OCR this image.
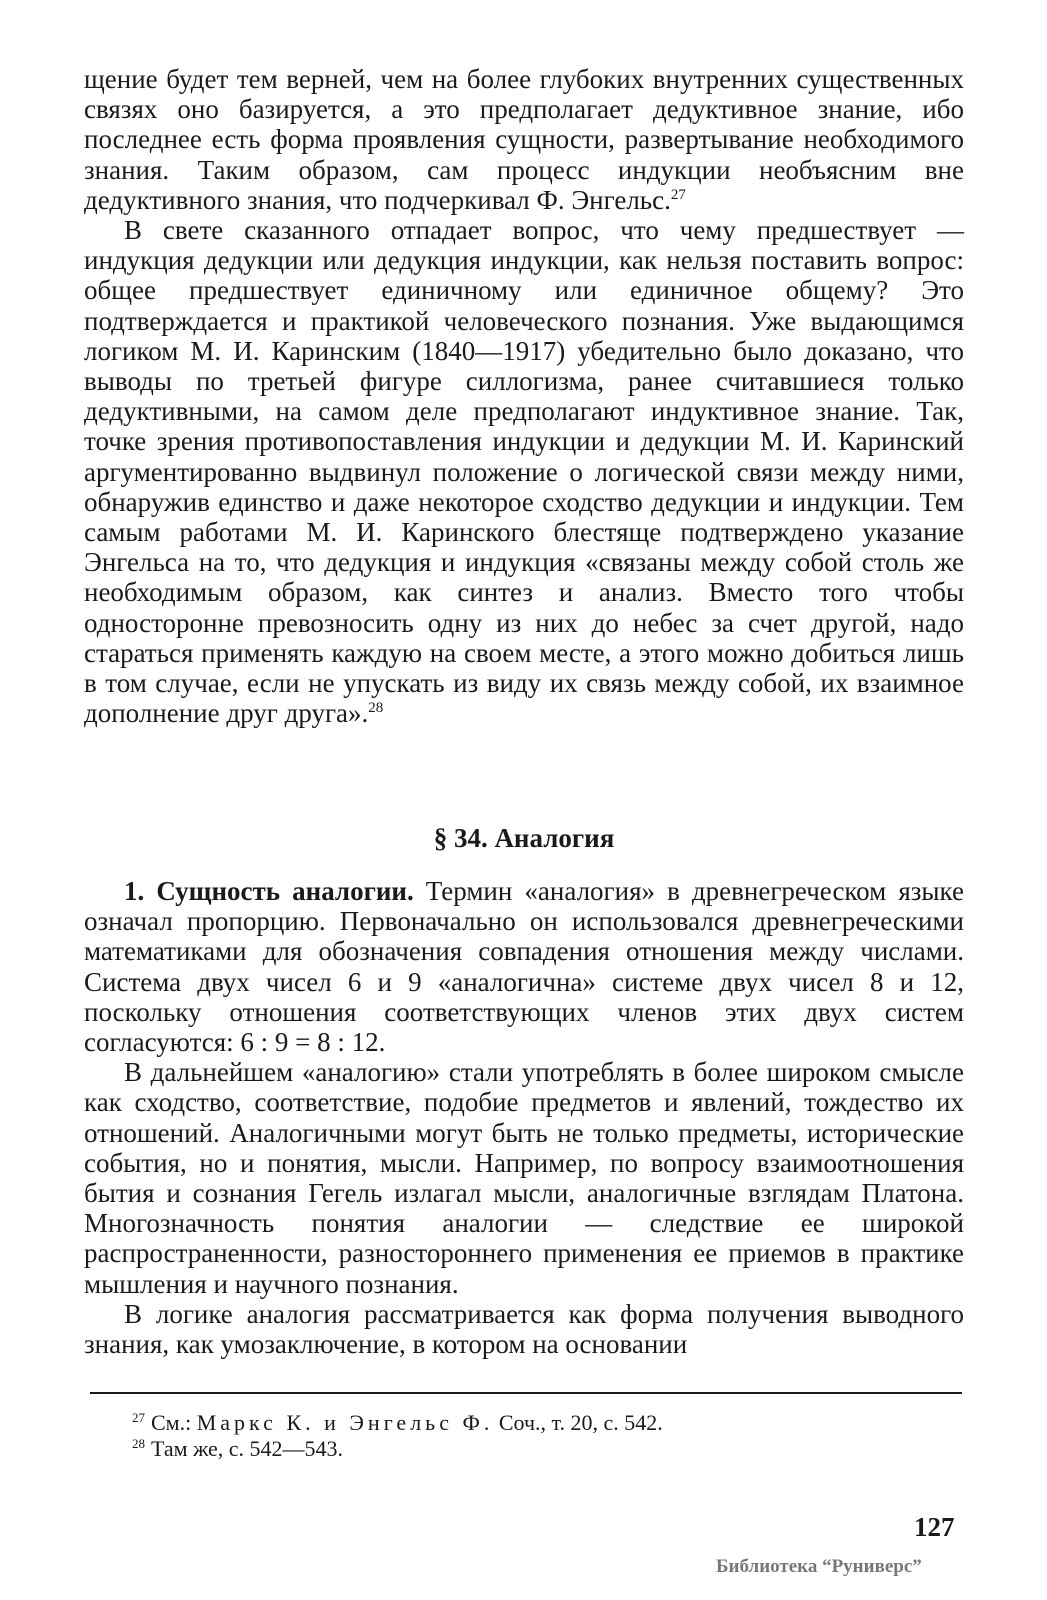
щение будет тем верней, чем на более глубоких внутренних существенных связях оно базируется, а это предполагает дедуктивное знание, ибо последнее есть форма проявления сущности, развертывание необходимого знания. Таким образом, сам процесс индукции необъясним вне дедуктивного знания, что подчеркивал Ф. Энгельс.$^{27}$

В свете сказанного отпадает вопрос, что чему предшествует — индукция дедукции или дедукция индукции, как нельзя поставить вопрос: общее предшествует единичному или единичное общему? Это подтверждается и практикой человеческого познания. Уже выдающимся логиком М. И. Каринским (1840—1917) убедительно было доказано, что выводы по третьей фигуре силлогизма, ранее считавшиеся только дедуктивными, на самом деле предполагают индуктивное знание. Так, точке зрения противопоставления индукции и дедукции М. И. Каринский аргументированно выдвинул положение о логической связи между ними, обнаружив единство и даже некоторое сходство дедукции и индукции. Тем самым работами М. И. Каринского блестяще подтверждено указание Энгельса на то, что дедукция и индукция «связаны между собой столь же необходимым образом, как синтез и анализ. Вместо того чтобы односторонне превозносить одну из них до небес за счет другой, надо стараться применять каждую на своем месте, а этого можно добиться лишь в том случае, если не упускать из виду их связь между собой, их взаимное дополнение друг друга».$^{28}$

§ 34. Аналогия

1. Сущность аналогии. Термин «аналогия» в древнегреческом языке означал пропорцию. Первоначально он использовался древнегреческими математиками для обозначения совпадения отношения между числами. Система двух чисел 6 и 9 «аналогична» системе двух чисел 8 и 12, поскольку отношения соответствующих членов этих двух систем согласуются: 6 : 9 = 8 : 12.

В дальнейшем «аналогию» стали употреблять в более широком смысле как сходство, соответствие, подобие предметов и явлений, тождество их отношений. Аналогичными могут быть не только предметы, исторические события, но и понятия, мысли. Например, по вопросу взаимоотношения бытия и сознания Гегель излагал мысли, аналогичные взглядам Платона. Многозначность понятия аналогии — следствие ее широкой распространенности, разностороннего применения ее приемов в практике мышления и научного познания.

В логике аналогия рассматривается как форма получения выводного знания, как умозаключение, в котором на основании

$^{27}$ См.: Маркс К. и Энгельс Ф. Соч., т. 20, с. 542.
$^{28}$ Там же, с. 542—543.
127
Библиотека “Руниверс”
